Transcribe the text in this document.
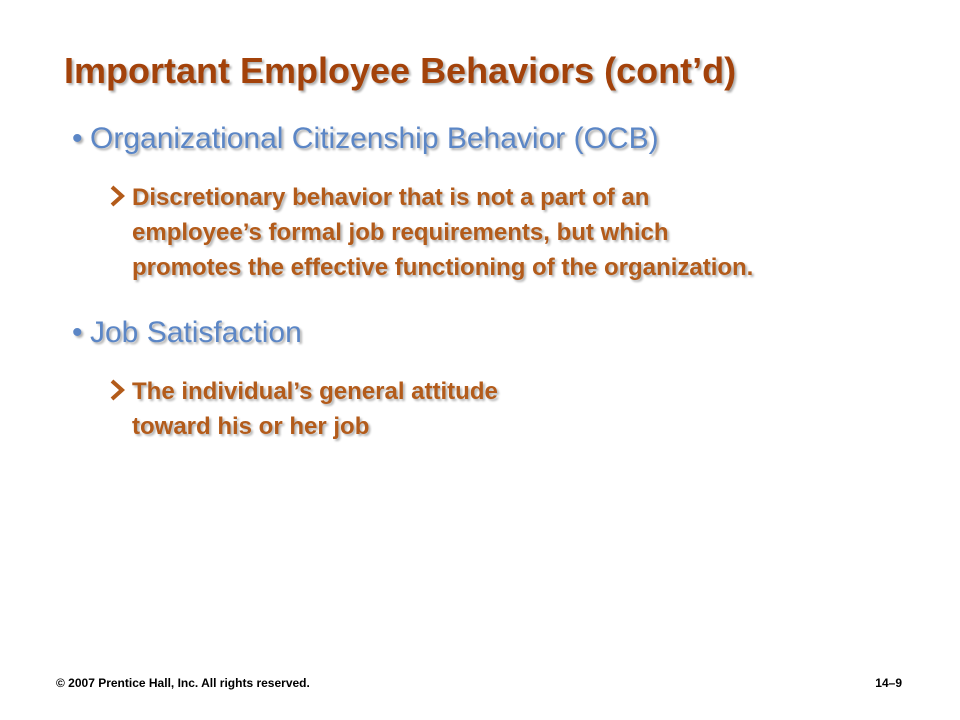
Important Employee Behaviors (cont’d)
• Organizational Citizenship Behavior (OCB)
Discretionary behavior that is not a part of an
employee’s formal job requirements, but which
promotes the effective functioning of the organization.
• Job Satisfaction
The individual’s general attitude
toward his or her job
© 2007 Prentice Hall, Inc. All rights reserved.	14–9
